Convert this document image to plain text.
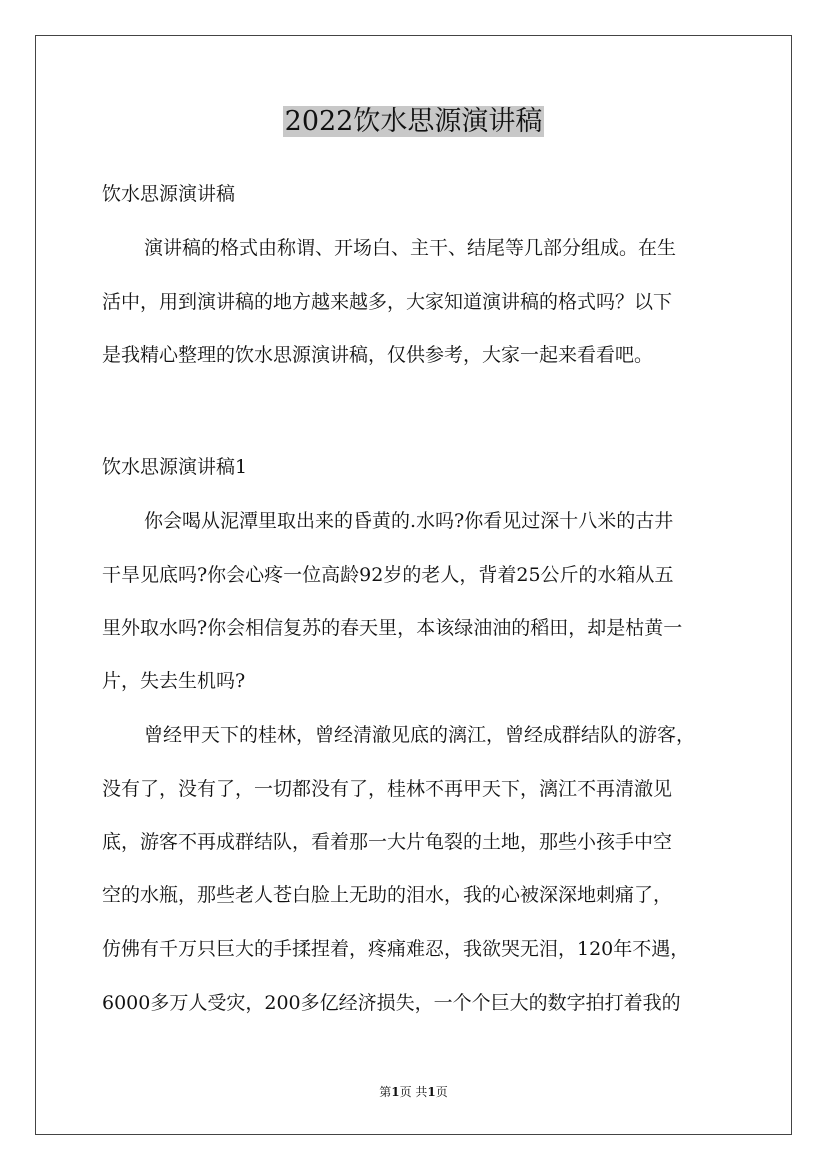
2022饮水思源演讲稿
饮水思源演讲稿
演讲稿的格式由称谓、开场白、主干、结尾等几部分组成。在生
活中，用到演讲稿的地方越来越多，大家知道演讲稿的格式吗？以下
是我精心整理的饮水思源演讲稿，仅供参考，大家一起来看看吧。
饮水思源演讲稿1
你会喝从泥潭里取出来的昏黄的.水吗?你看见过深十八米的古井
干旱见底吗?你会心疼一位高龄92岁的老人，背着25公斤的水箱从五
里外取水吗?你会相信复苏的春天里，本该绿油油的稻田，却是枯黄一
片，失去生机吗?
曾经甲天下的桂林，曾经清澈见底的漓江，曾经成群结队的游客，
没有了，没有了，一切都没有了，桂林不再甲天下，漓江不再清澈见
底，游客不再成群结队，看着那一大片龟裂的土地，那些小孩手中空
空的水瓶，那些老人苍白脸上无助的泪水，我的心被深深地刺痛了，
仿佛有千万只巨大的手揉捏着，疼痛难忍，我欲哭无泪，120年不遇，
6000多万人受灾，200多亿经济损失，一个个巨大的数字拍打着我的
第1页 共1页
